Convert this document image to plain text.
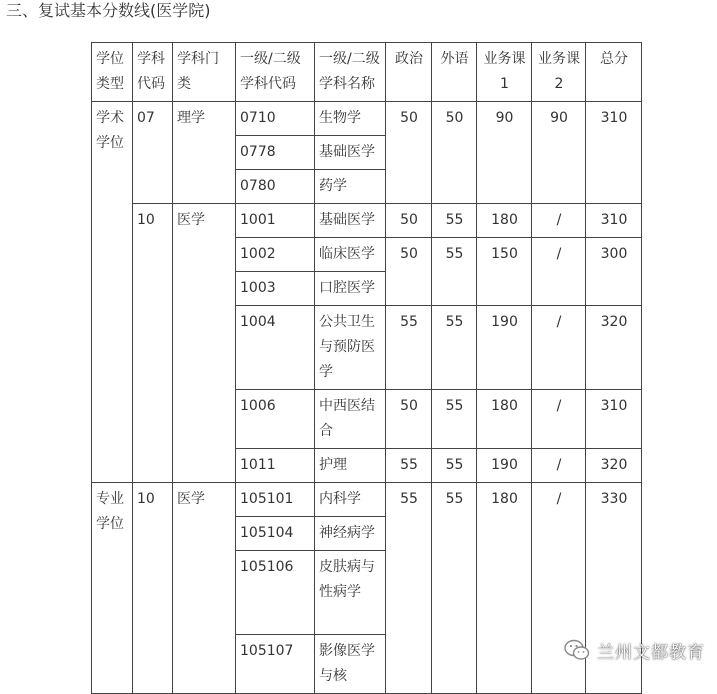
三、复试基本分数线(医学院)
学位类型	学科代码	学科门类	一级/二级学科代码	一级/二级学科名称	政治	外语	业务课1	业务课2	总分
学术学位	07	理学	0710	生物学	50	50	90	90	310
			0778	基础医学					
			0780	药学					
	10	医学	1001	基础医学	50	55	180	/	310
			1002	临床医学	50	55	150	/	300
			1003	口腔医学					
			1004	公共卫生与预防医学	55	55	190	/	320
			1006	中西医结合	50	55	180	/	310
			1011	护理	55	55	190	/	320
专业学位	10	医学	105101	内科学	55	55	180	/	330
			105104	神经病学					
			105106	皮肤病与性病学					
			105107	影像医学与核					
兰州文都教育
